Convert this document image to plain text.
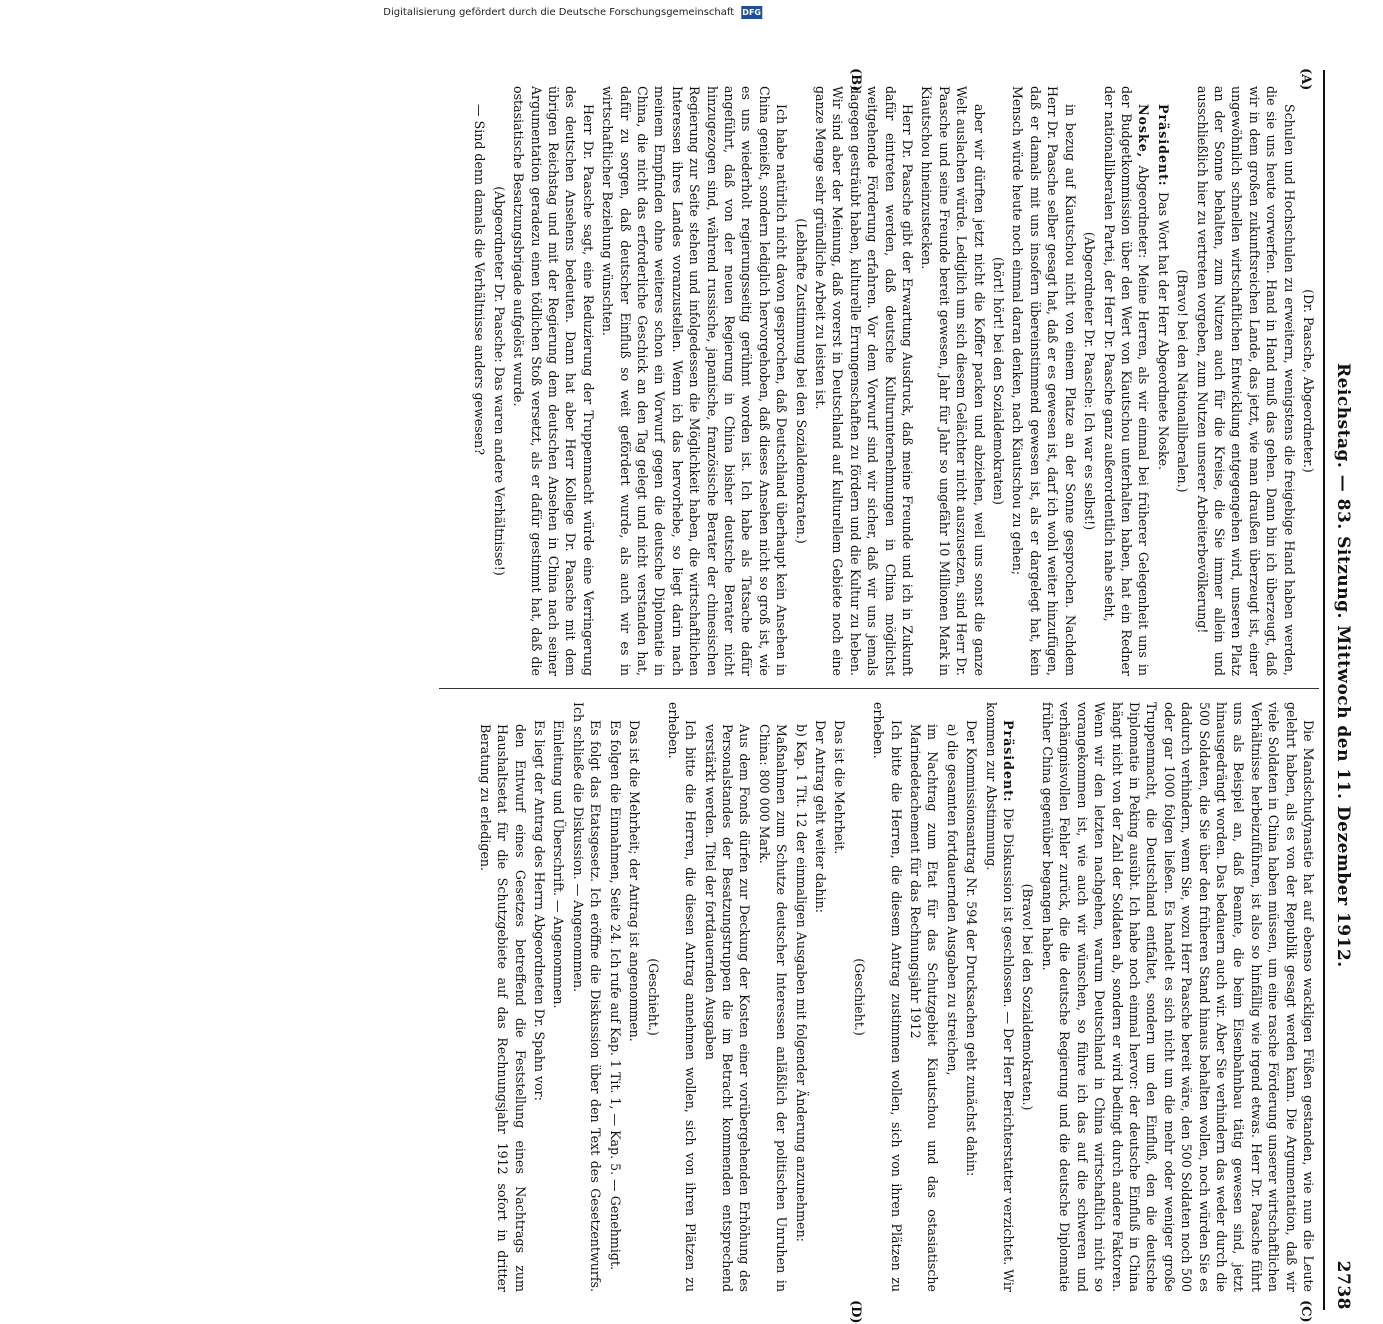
Digitalisierung gefördert durch die Deutsche Forschungsgemeinschaft DFG
Reichstag. — 83. Sitzung. Mittwoch den 11. Dezember 1912.
2738
(A)
(B)
(C)
(D)

(Dr. Paasche, Abgeordneter.)

Schulen und Hochschulen zu erweitern, wenigstens die freigebige Hand haben werden, die sie uns heute vorwerfen. Hand in Hand muß das gehen. Dann bin ich überzeugt, daß wir in dem großen zukunftsreichen Lande, das jetzt, wie man draußen überzeugt ist, einer ungewöhnlich schnellen wirtschaftlichen Entwicklung entgegengehen wird, unseren Platz an der Sonne behalten, zum Nutzen auch für die Kreise, die Sie immer allein und ausschließlich hier zu vertreten vorgeben, zum Nutzen unserer Arbeiterbevölkerung!

(Bravo! bei den Nationalliberalen.)

Präsident: Das Wort hat der Herr Abgeordnete Noske.

Noske, Abgeordneter: Meine Herren, als wir einmal bei früherer Gelegenheit uns in der Budgetkommission über den Wert von Kiautschou unterhalten haben, hat ein Redner der nationalliberalen Partei, der Herr Dr. Paasche ganz außerordentlich nahe steht,

(Abgeordneter Dr. Paasche: Ich war es selbst!)

in bezug auf Kiautschou nicht von einem Platze an der Sonne gesprochen. Nachdem Herr Dr. Paasche selber gesagt hat, daß er es gewesen ist, darf ich wohl weiter hinzufügen, daß er damals mit uns insofern übereinstimmend gewesen ist, als er dargelegt hat, kein Mensch würde heute noch einmal daran denken, nach Kiautschou zu gehen;

(hört! hört! bei den Sozialdemokraten)

aber wir dürften jetzt nicht die Koffer packen und abziehen, weil uns sonst die ganze Welt auslachen würde. Lediglich um sich diesem Gelächter nicht auszusetzen, sind Herr Dr. Paasche und seine Freunde bereit gewesen, Jahr für Jahr so ungefähr 10 Millionen Mark in Kiautschou hineinzustecken.

Herr Dr. Paasche gibt der Erwartung Ausdruck, daß meine Freunde und ich in Zukunft dafür eintreten werden, daß deutsche Kulturunternehmungen in China möglichst weitgehende Förderung erfahren. Vor dem Vorwurf sind wir sicher, daß wir uns jemals dagegen gesträubt haben, kulturelle Errungenschaften zu fördern und die Kultur zu heben. Wir sind aber der Meinung, daß vorerst in Deutschland auf kulturellem Gebiete noch eine ganze Menge sehr gründliche Arbeit zu leisten ist.

(Lebhafte Zustimmung bei den Sozialdemokraten.)

Ich habe natürlich nicht davon gesprochen, daß Deutschland überhaupt kein Ansehen in China genießt, sondern lediglich hervorgehoben, daß dieses Ansehen nicht so groß ist, wie es uns wiederholt regierungsseitig gerühmt worden ist. Ich habe als Tatsache dafür angeführt, daß von der neuen Regierung in China bisher deutsche Berater nicht hinzugezogen sind, während russische, japanische, französische Berater der chinesischen Regierung zur Seite stehen und infolgedessen die Möglichkeit haben, die wirtschaftlichen Interessen ihres Landes voranzustellen. Wenn ich das hervorhebe, so liegt darin nach meinem Empfinden ohne weiteres schon ein Vorwurf gegen die deutsche Diplomatie in China, die nicht das erforderliche Geschick an den Tag gelegt und nicht verstanden hat, dafür zu sorgen, daß deutscher Einfluß so weit gefördert wurde, als auch wir es in wirtschaftlicher Beziehung wünschten.

Herr Dr. Paasche sagt, eine Reduzierung der Truppenmacht würde eine Verringerung des deutschen Ansehens bedeuten. Dann hat aber Herr Kollege Dr. Paasche mit dem übrigen Reichstag und mit der Regierung dem deutschen Ansehen in China nach seiner Argumentation geradezu einen tödlichen Stoß versetzt, als er dafür gestimmt hat, daß die ostasiatische Besatzungsbrigade aufgelöst wurde.

(Abgeordneter Dr. Paasche: Das waren andere Verhältnisse!)

— Sind denn damals die Verhältnisse anders gewesen?

Die Mandschudynastie hat auf ebenso wackligen Füßen gestanden, wie nun die Leute gelehrt haben, als es von der Republik gesagt werden kann. Die Argumentation, daß wir viele Soldaten in China haben müssen, um eine rasche Förderung unserer wirtschaftlichen Verhältnisse herbeizuführen, ist also so hinfällig wie irgend etwas. Herr Dr. Paasche führt uns als Beispiel an, daß Beamte, die beim Eisenbahnbau tätig gewesen sind, jetzt hinausgedrängt worden. Das bedauern auch wir. Aber Sie verhindern das weder durch die 500 Soldaten, die Sie über den früheren Stand hinaus behalten wollen, noch würden Sie es dadurch verhindern, wenn Sie, wozu Herr Paasche bereit wäre, den 500 Soldaten noch 500 oder gar 1000 folgen ließen. Es handelt es sich nicht um die mehr oder weniger große Truppenmacht, die Deutschland entfaltet, sondern um den Einfluß, den die deutsche Diplomatie in Peking ausübt. Ich habe noch einmal hervor: der deutsche Einfluß in China hängt nicht von der Zahl der Soldaten ab, sondern er wird bedingt durch andere Faktoren. Wenn wir den letzten nachgehen, warum Deutschland in China wirtschaftlich nicht so vorangekommen ist, wie auch wir wünschen, so führe ich das auf die schweren und verhängnisvollen Fehler zurück, die die deutsche Regierung und die deutsche Diplomatie früher China gegenüber begangen haben.

(Bravo! bei den Sozialdemokraten.)

Präsident: Die Diskussion ist geschlossen. — Der Herr Berichterstatter verzichtet. Wir kommen zur Abstimmung.

Der Kommissionsantrag Nr. 594 der Drucksachen geht zunächst dahin:

a) die gesamten fortdauernden Ausgaben zu streichen,

im Nachtrag zum Etat für das Schutzgebiet Kiautschou und das ostasiatische Marinedetachement für das Rechnungsjahr 1912

Ich bitte die Herren, die diesem Antrag zustimmen wollen, sich von ihren Plätzen zu erheben.

(Geschieht.)

Das ist die Mehrheit.

Der Antrag geht weiter dahin:

b) Kap. 1 Tit. 12 der einmaligen Ausgaben mit folgender Änderung anzunehmen:

Maßnahmen zum Schutze deutscher Interessen anläßlich der politischen Unruhen in China: 800 000 Mark.

Aus dem Fonds dürfen zur Deckung der Kosten einer vorübergehenden Erhöhung des Personalstandes der Besatzungstruppen die im Betracht kommenden entsprechend verstärkt werden. Titel der fortdauernden Ausgaben

Ich bitte die Herren, die diesen Antrag annehmen wollen, sich von ihren Plätzen zu erheben.

(Geschieht.)

Das ist die Mehrheit; der Antrag ist angenommen.

Es folgen die Einnahmen, Seite 24. Ich rufe auf Kap. 1 Tit. 1, — Kap. 5. — Genehmigt.

Es folgt das Etatsgesetz. Ich eröffne die Diskussion über den Text des Gesetzentwurfs. Ich schließe die Diskussion. — Angenommen.

Einleitung und Überschrift. — Angenommen.

Es liegt der Antrag des Herrn Abgeordneten Dr. Spahn vor:

den Entwurf eines Gesetzes betreffend die Feststellung eines Nachtrags zum Haushaltsetat für die Schutzgebiete auf das Rechnungsjahr 1912 sofort in dritter Beratung zu erledigen.
